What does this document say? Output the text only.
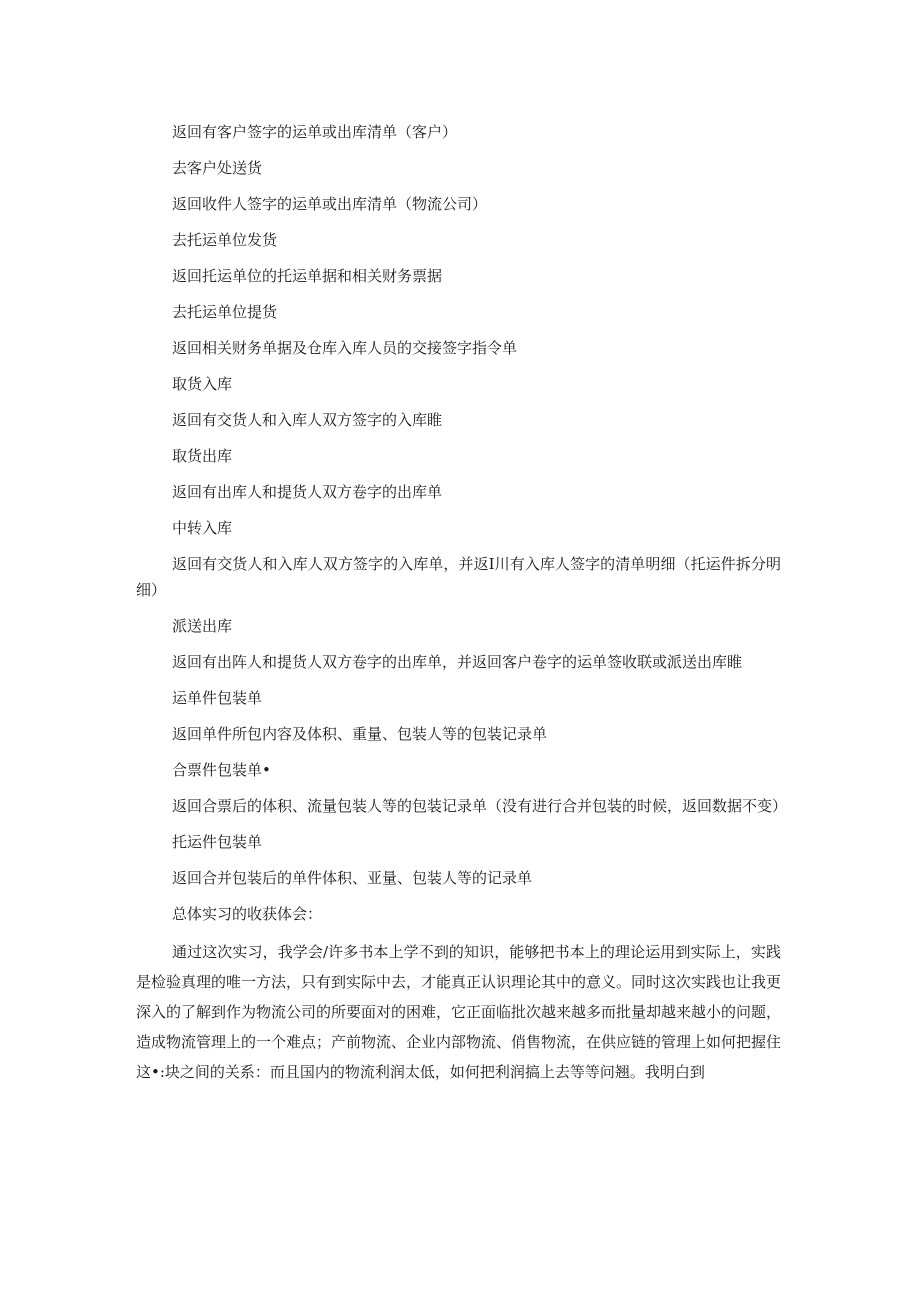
返回有客户签字的运单或出库清单（客户）

去客户处送货

返回收件人签字的运单或出库清单（物流公司）

去托运单位发货

返回托运单位的托运单据和相关财务票据

去托运单位提货

返回相关财务单据及仓库入库人员的交接签字指令单

取货入库

返回有交货人和入库人双方签字的入库睢

取货出库

返回有出库人和提货人双方卷字的出库单

中转入库

返回有交货人和入库人双方签字的入库单，并返I川有入库人签字的清单明细（托运件拆分明细）

派送出库

返回有出阵人和提货人双方卷字的出库单，并返回客户卷字的运单签收联或派送出库睢

运单件包装单

返回单件所包内容及体积、重量、包装人等的包装记录单

合票件包装单•

返回合票后的体积、流量包装人等的包装记录单（没有进行合并包装的时候，返回数据不变）

托运件包装单

返回合并包装后的单件体积、亚量、包装人等的记录单

总体实习的收获体会：

通过这次实习，我学会/许多书本上学不到的知识，能够把书本上的理论运用到实际上，实践是检验真理的唯一方法，只有到实际中去，才能真正认识理论其中的意义。同时这次实践也让我更深入的了解到作为物流公司的所要面对的困难，它正面临批次越来越多而批量却越来越小的问题，造成物流管理上的一个难点；产前物流、企业内部物流、俏售物流，在供应链的管理上如何把握住这•:块之间的关系：而且国内的物流利润太低，如何把利润搞上去等等问翘。我明白到
